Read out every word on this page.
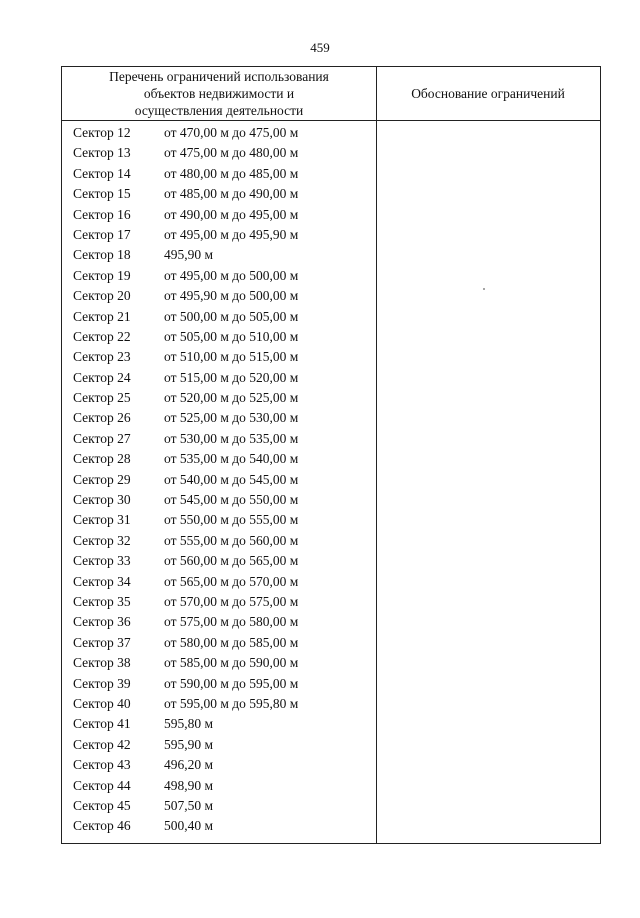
459
Перечень ограничений использования
объектов недвижимости и
осуществления деятельности
Обоснование ограничений
Сектор 12 от 470,00 м до 475,00 м
Сектор 13 от 475,00 м до 480,00 м
Сектор 14 от 480,00 м до 485,00 м
Сектор 15 от 485,00 м до 490,00 м
Сектор 16 от 490,00 м до 495,00 м
Сектор 17 от 495,00 м до 495,90 м
Сектор 18 495,90 м
Сектор 19 от 495,00 м до 500,00 м
Сектор 20 от 495,90 м до 500,00 м
Сектор 21 от 500,00 м до 505,00 м
Сектор 22 от 505,00 м до 510,00 м
Сектор 23 от 510,00 м до 515,00 м
Сектор 24 от 515,00 м до 520,00 м
Сектор 25 от 520,00 м до 525,00 м
Сектор 26 от 525,00 м до 530,00 м
Сектор 27 от 530,00 м до 535,00 м
Сектор 28 от 535,00 м до 540,00 м
Сектор 29 от 540,00 м до 545,00 м
Сектор 30 от 545,00 м до 550,00 м
Сектор 31 от 550,00 м до 555,00 м
Сектор 32 от 555,00 м до 560,00 м
Сектор 33 от 560,00 м до 565,00 м
Сектор 34 от 565,00 м до 570,00 м
Сектор 35 от 570,00 м до 575,00 м
Сектор 36 от 575,00 м до 580,00 м
Сектор 37 от 580,00 м до 585,00 м
Сектор 38 от 585,00 м до 590,00 м
Сектор 39 от 590,00 м до 595,00 м
Сектор 40 от 595,00 м до 595,80 м
Сектор 41 595,80 м
Сектор 42 595,90 м
Сектор 43 496,20 м
Сектор 44 498,90 м
Сектор 45 507,50 м
Сектор 46 500,40 м
